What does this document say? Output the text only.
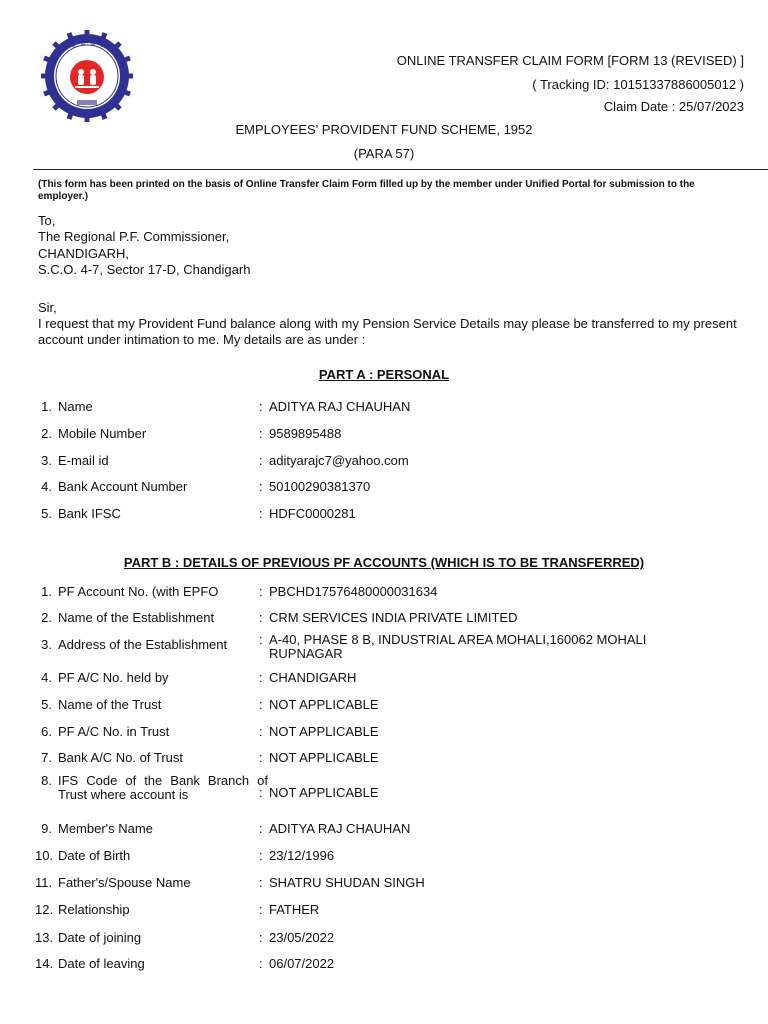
ONLINE TRANSFER CLAIM FORM [FORM 13 (REVISED) ]
( Tracking ID: 10151337886005012 )
Claim Date : 25/07/2023
EMPLOYEES' PROVIDENT FUND SCHEME, 1952
(PARA 57)
(This form has been printed on the basis of Online Transfer Claim Form filled up by the member under Unified Portal for submission to the employer.)
To,
The Regional P.F. Commissioner,
CHANDIGARH,
S.C.O. 4-7, Sector 17-D, Chandigarh
Sir,
I request that my Provident Fund balance along with my Pension Service Details may please be transferred to my present account under intimation to me. My details are as under :
PART A : PERSONAL
1. Name	: ADITYA RAJ CHAUHAN
2. Mobile Number	: 9589895488
3. E-mail id	: adityarajc7@yahoo.com
4. Bank Account Number	: 50100290381370
5. Bank IFSC	: HDFC0000281
PART B : DETAILS OF PREVIOUS PF ACCOUNTS (WHICH IS TO BE TRANSFERRED)
1. PF Account No. (with EPFO	: PBCHD17576480000031634
2. Name of the Establishment	: CRM SERVICES INDIA PRIVATE LIMITED
3. Address of the Establishment	: A-40, PHASE 8 B, INDUSTRIAL AREA MOHALI,160062 MOHALI RUPNAGAR
4. PF A/C No. held by	: CHANDIGARH
5. Name of the Trust	: NOT APPLICABLE
6. PF A/C No. in Trust	: NOT APPLICABLE
7. Bank A/C No. of Trust	: NOT APPLICABLE
8. IFS Code of the Bank Branch of Trust where account is	: NOT APPLICABLE
9. Member's Name	: ADITYA RAJ CHAUHAN
10. Date of Birth	: 23/12/1996
11. Father's/Spouse Name	: SHATRU SHUDAN SINGH
12. Relationship	: FATHER
13. Date of joining	: 23/05/2022
14. Date of leaving	: 06/07/2022
